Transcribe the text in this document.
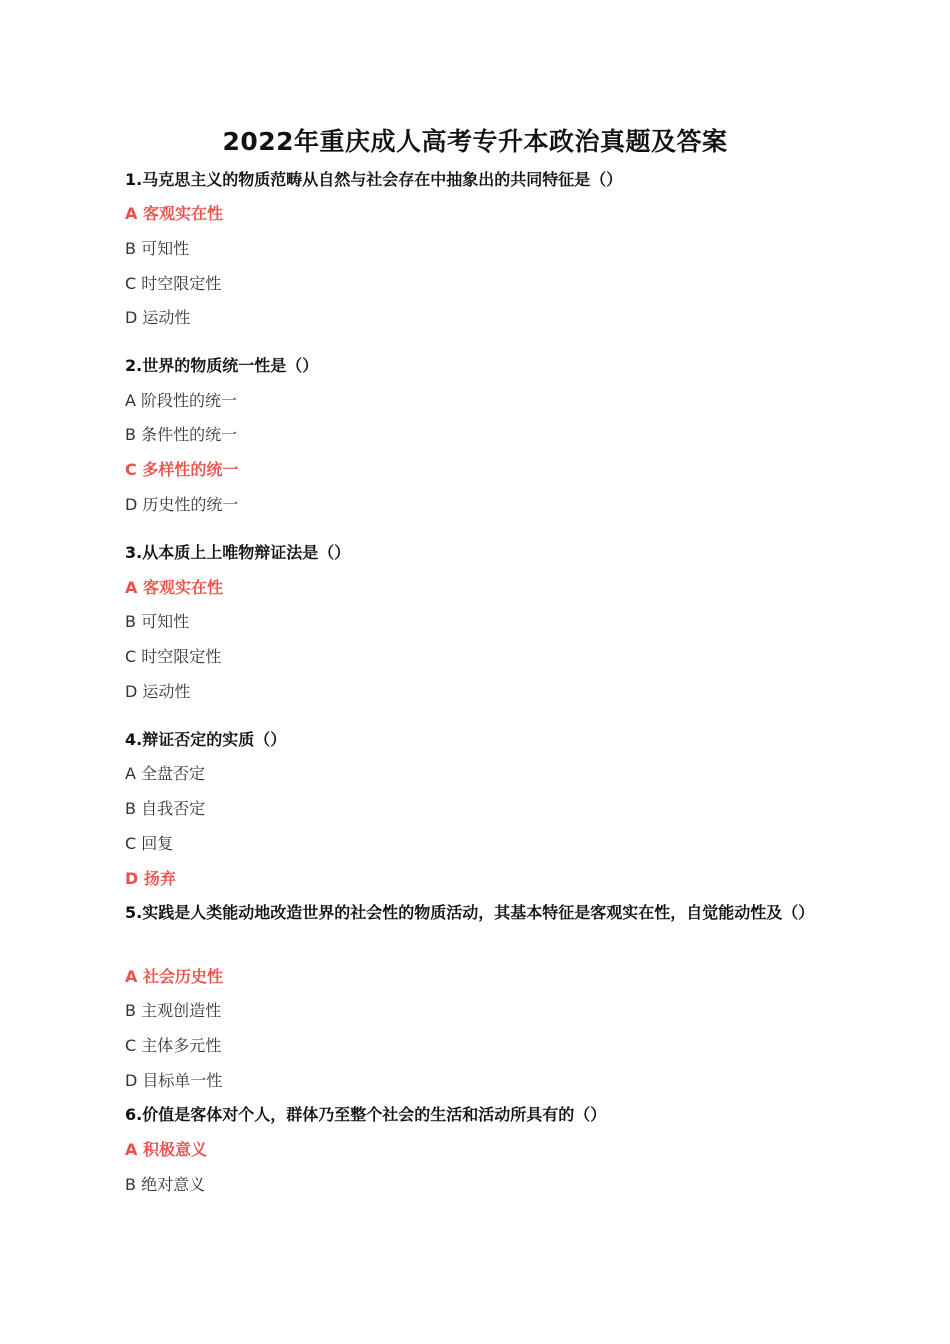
2022年重庆成人高考专升本政治真题及答案
1.马克思主义的物质范畴从自然与社会存在中抽象出的共同特征是（）
A 客观实在性
B 可知性
C 时空限定性
D 运动性
2.世界的物质统一性是（）
A 阶段性的统一
B 条件性的统一
C 多样性的统一
D 历史性的统一
3.从本质上上唯物辩证法是（）
A 客观实在性
B 可知性
C 时空限定性
D 运动性
4.辩证否定的实质（）
A 全盘否定
B 自我否定
C 回复
D 扬弃
5.实践是人类能动地改造世界的社会性的物质活动，其基本特征是客观实在性，自觉能动性及（）
A 社会历史性
B 主观创造性
C 主体多元性
D 目标单一性
6.价值是客体对个人，群体乃至整个社会的生活和活动所具有的（）
A 积极意义
B 绝对意义
